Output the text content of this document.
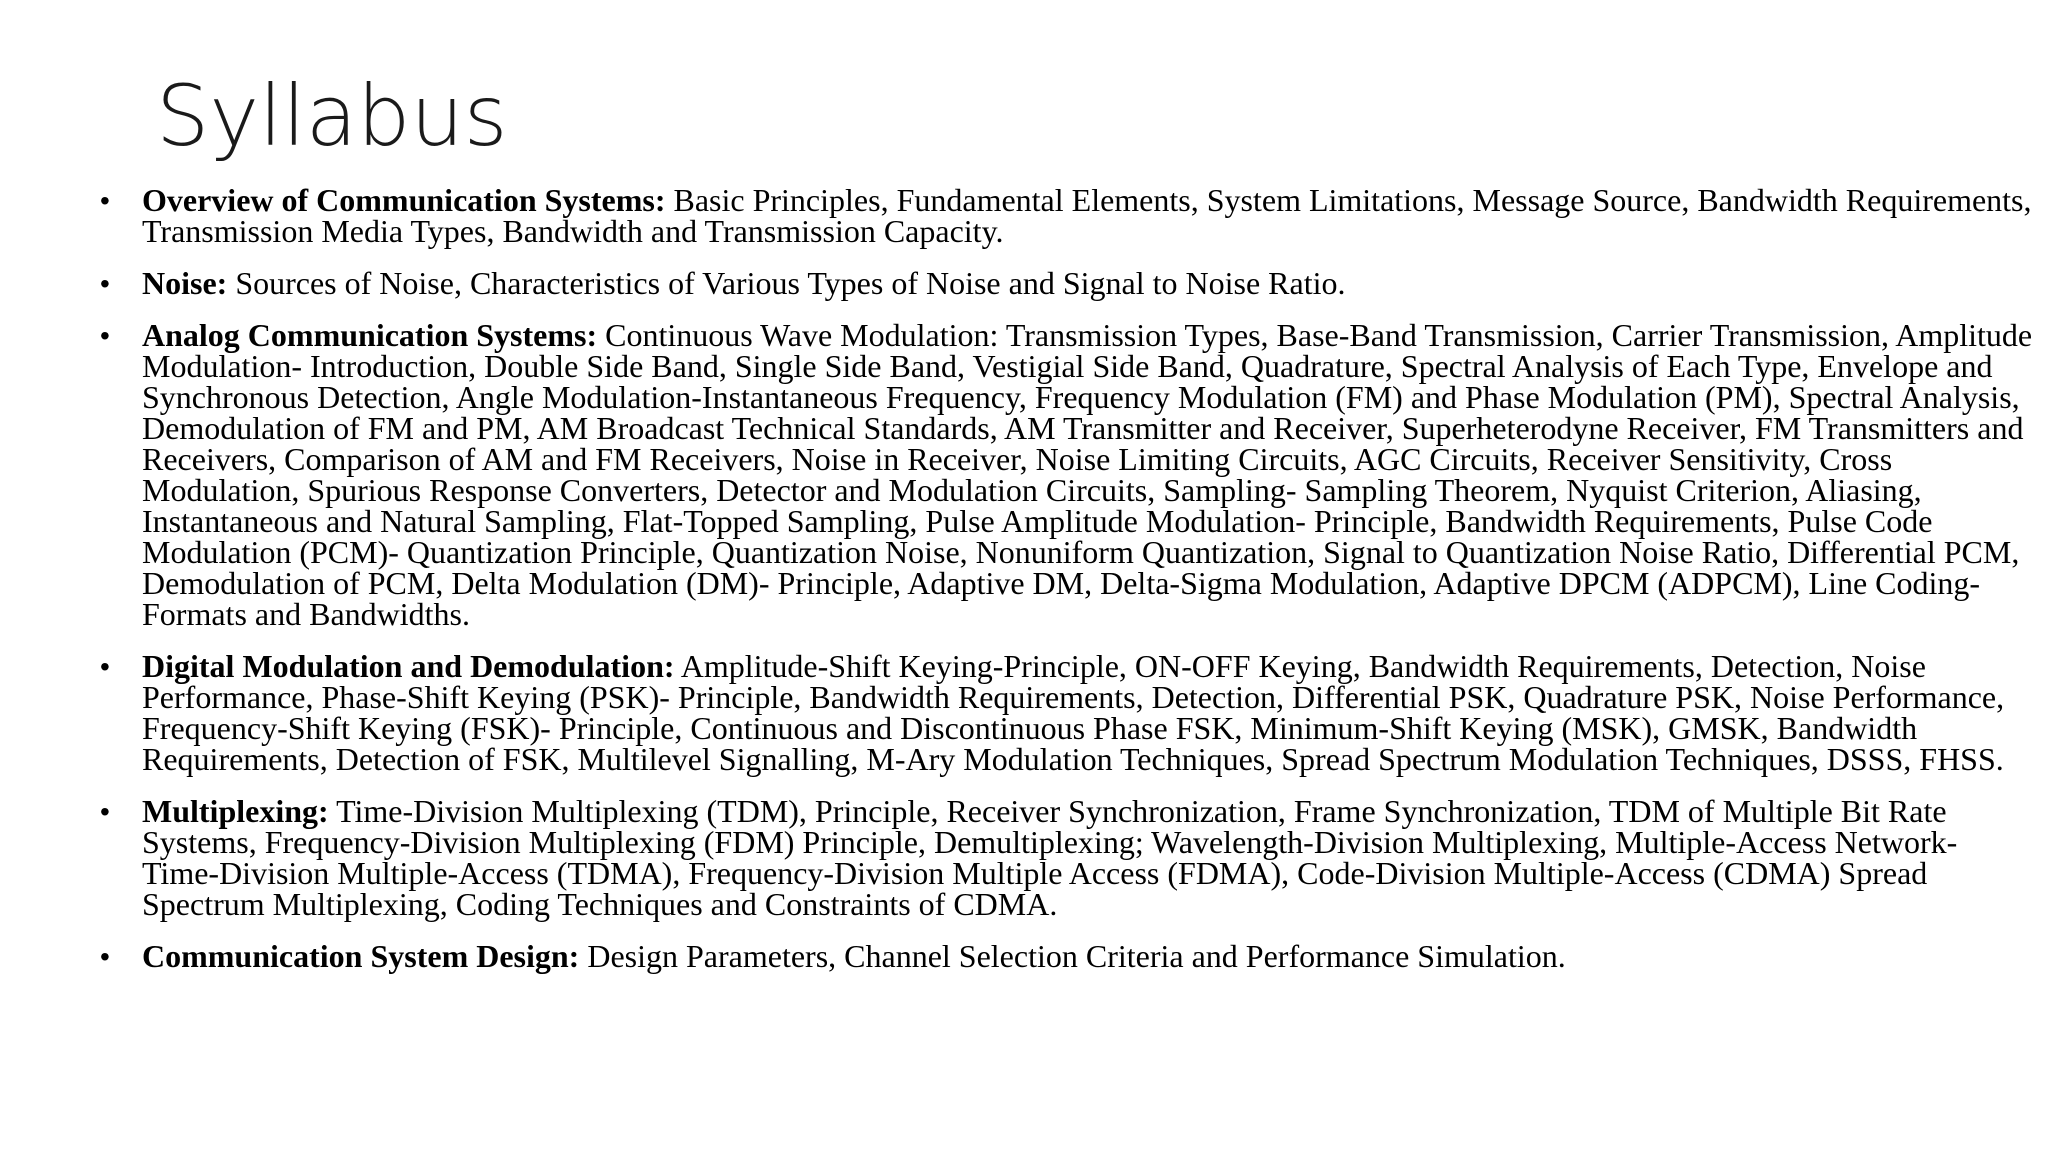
Syllabus
• Overview of Communication Systems: Basic Principles, Fundamental Elements, System Limitations, Message Source, Bandwidth Requirements, Transmission Media Types, Bandwidth and Transmission Capacity.
• Noise: Sources of Noise, Characteristics of Various Types of Noise and Signal to Noise Ratio.
• Analog Communication Systems: Continuous Wave Modulation: Transmission Types, Base-Band Transmission, Carrier Transmission, Amplitude Modulation- Introduction, Double Side Band, Single Side Band, Vestigial Side Band, Quadrature, Spectral Analysis of Each Type, Envelope and Synchronous Detection, Angle Modulation-Instantaneous Frequency, Frequency Modulation (FM) and Phase Modulation (PM), Spectral Analysis, Demodulation of FM and PM, AM Broadcast Technical Standards, AM Transmitter and Receiver, Superheterodyne Receiver, FM Transmitters and Receivers, Comparison of AM and FM Receivers, Noise in Receiver, Noise Limiting Circuits, AGC Circuits, Receiver Sensitivity, Cross Modulation, Spurious Response Converters, Detector and Modulation Circuits, Sampling- Sampling Theorem, Nyquist Criterion, Aliasing, Instantaneous and Natural Sampling, Flat-Topped Sampling, Pulse Amplitude Modulation- Principle, Bandwidth Requirements, Pulse Code Modulation (PCM)- Quantization Principle, Quantization Noise, Nonuniform Quantization, Signal to Quantization Noise Ratio, Differential PCM, Demodulation of PCM, Delta Modulation (DM)- Principle, Adaptive DM, Delta-Sigma Modulation, Adaptive DPCM (ADPCM), Line Coding- Formats and Bandwidths.
• Digital Modulation and Demodulation: Amplitude-Shift Keying-Principle, ON-OFF Keying, Bandwidth Requirements, Detection, Noise Performance, Phase-Shift Keying (PSK)- Principle, Bandwidth Requirements, Detection, Differential PSK, Quadrature PSK, Noise Performance, Frequency-Shift Keying (FSK)- Principle, Continuous and Discontinuous Phase FSK, Minimum-Shift Keying (MSK), GMSK, Bandwidth Requirements, Detection of FSK, Multilevel Signalling, M-Ary Modulation Techniques, Spread Spectrum Modulation Techniques, DSSS, FHSS.
• Multiplexing: Time-Division Multiplexing (TDM), Principle, Receiver Synchronization, Frame Synchronization, TDM of Multiple Bit Rate Systems, Frequency-Division Multiplexing (FDM) Principle, Demultiplexing; Wavelength-Division Multiplexing, Multiple-Access Network- Time-Division Multiple-Access (TDMA), Frequency-Division Multiple Access (FDMA), Code-Division Multiple-Access (CDMA) Spread Spectrum Multiplexing, Coding Techniques and Constraints of CDMA.
• Communication System Design: Design Parameters, Channel Selection Criteria and Performance Simulation.
